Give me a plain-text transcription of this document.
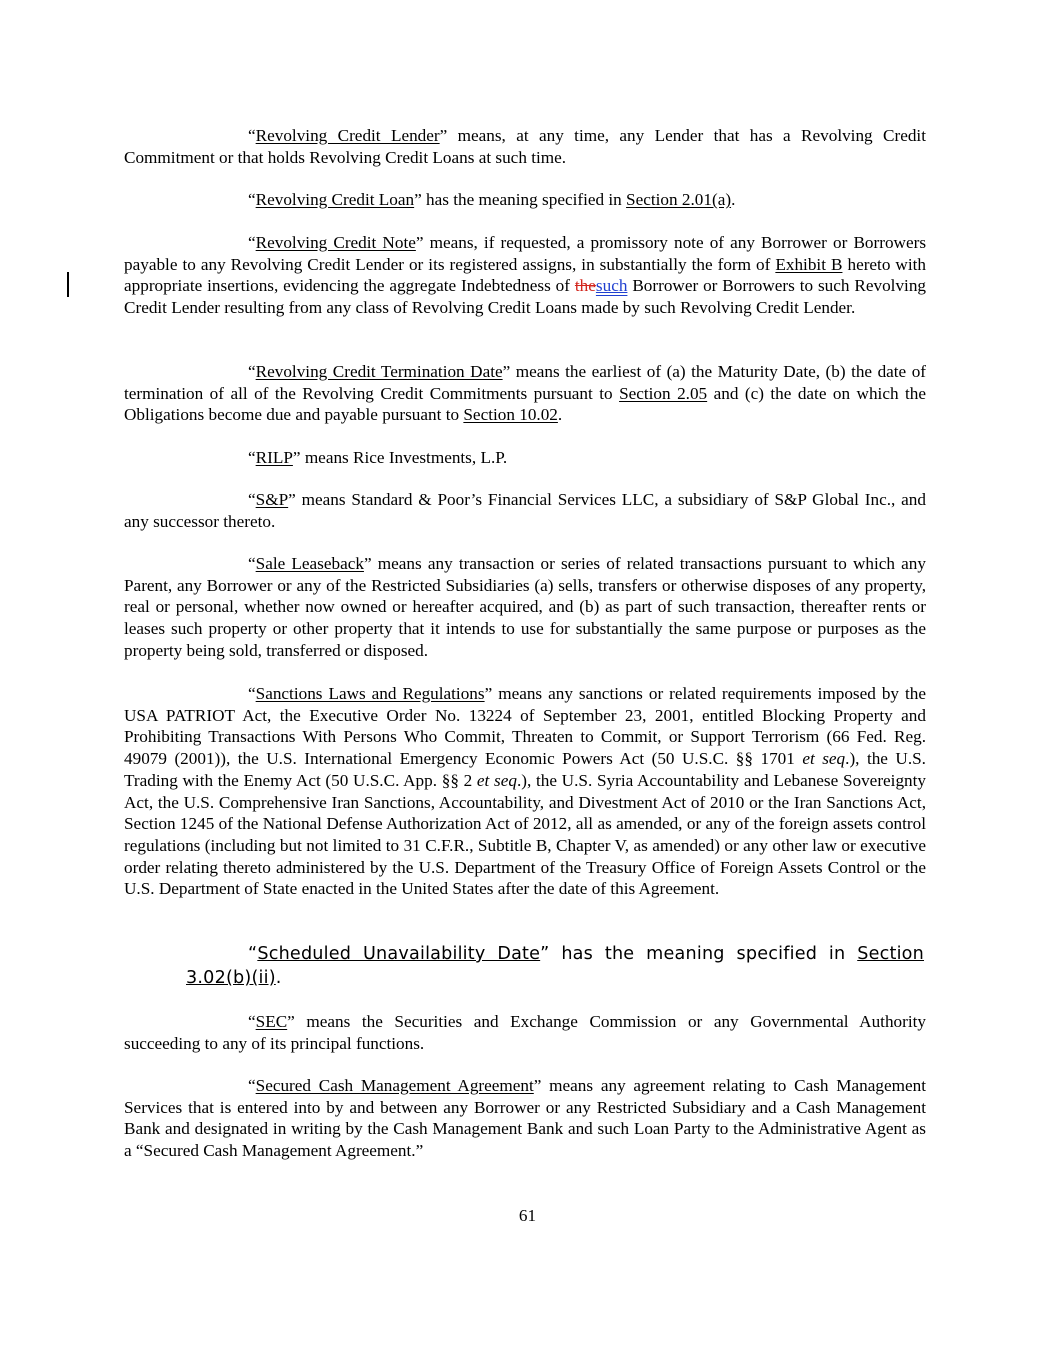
“Revolving Credit Lender” means, at any time, any Lender that has a Revolving Credit Commitment or that holds Revolving Credit Loans at such time.

“Revolving Credit Loan” has the meaning specified in Section 2.01(a).

“Revolving Credit Note” means, if requested, a promissory note of any Borrower or Borrowers payable to any Revolving Credit Lender or its registered assigns, in substantially the form of Exhibit B hereto with appropriate insertions, evidencing the aggregate Indebtedness of thesuch Borrower or Borrowers to such Revolving Credit Lender resulting from any class of Revolving Credit Loans made by such Revolving Credit Lender.

“Revolving Credit Termination Date” means the earliest of (a) the Maturity Date, (b) the date of termination of all of the Revolving Credit Commitments pursuant to Section 2.05 and (c) the date on which the Obligations become due and payable pursuant to Section 10.02.

“RILP” means Rice Investments, L.P.

“S&P” means Standard & Poor’s Financial Services LLC, a subsidiary of S&P Global Inc., and any successor thereto.

“Sale Leaseback” means any transaction or series of related transactions pursuant to which any Parent, any Borrower or any of the Restricted Subsidiaries (a) sells, transfers or otherwise disposes of any property, real or personal, whether now owned or hereafter acquired, and (b) as part of such transaction, thereafter rents or leases such property or other property that it intends to use for substantially the same purpose or purposes as the property being sold, transferred or disposed.

“Sanctions Laws and Regulations” means any sanctions or related requirements imposed by the USA PATRIOT Act, the Executive Order No. 13224 of September 23, 2001, entitled Blocking Property and Prohibiting Transactions With Persons Who Commit, Threaten to Commit, or Support Terrorism (66 Fed. Reg. 49079 (2001)), the U.S. International Emergency Economic Powers Act (50 U.S.C. §§ 1701 et seq.), the U.S. Trading with the Enemy Act (50 U.S.C. App. §§ 2 et seq.), the U.S. Syria Accountability and Lebanese Sovereignty Act, the U.S. Comprehensive Iran Sanctions, Accountability, and Divestment Act of 2010 or the Iran Sanctions Act, Section 1245 of the National Defense Authorization Act of 2012, all as amended, or any of the foreign assets control regulations (including but not limited to 31 C.F.R., Subtitle B, Chapter V, as amended) or any other law or executive order relating thereto administered by the U.S. Department of the Treasury Office of Foreign Assets Control or the U.S. Department of State enacted in the United States after the date of this Agreement.

“Scheduled Unavailability Date” has the meaning specified in Section 3.02(b)(ii).

“SEC” means the Securities and Exchange Commission or any Governmental Authority succeeding to any of its principal functions.

“Secured Cash Management Agreement” means any agreement relating to Cash Management Services that is entered into by and between any Borrower or any Restricted Subsidiary and a Cash Management Bank and designated in writing by the Cash Management Bank and such Loan Party to the Administrative Agent as a “Secured Cash Management Agreement.”

61
